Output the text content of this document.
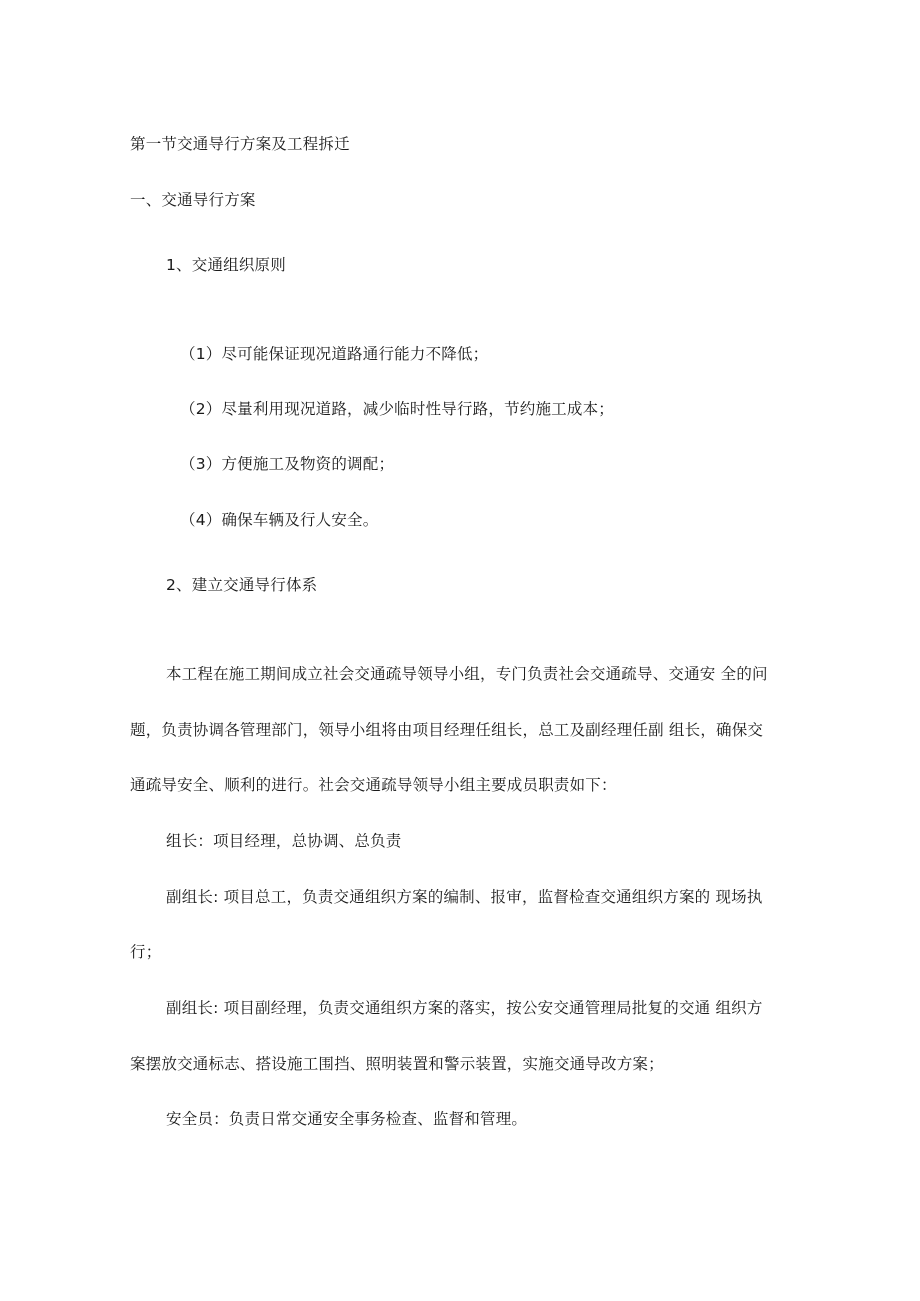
第一节交通导行方案及工程拆迁
一、交通导行方案
1、交通组织原则
（1）尽可能保证现况道路通行能力不降低；
（2）尽量利用现况道路，减少临时性导行路，节约施工成本；
（3）方便施工及物资的调配；
（4）确保车辆及行人安全。
2、建立交通导行体系
本工程在施工期间成立社会交通疏导领导小组，专门负责社会交通疏导、交通安 全的问
题，负责协调各管理部门，领导小组将由项目经理任组长，总工及副经理任副 组长，确保交
通疏导安全、顺利的进行。社会交通疏导领导小组主要成员职责如下：
组长：项目经理，总协调、总负责
副组长: 项目总工，负责交通组织方案的编制、报审，监督检查交通组织方案的 现场执
行；
副组长: 项目副经理，负责交通组织方案的落实，按公安交通管理局批复的交通 组织方
案摆放交通标志、搭设施工围挡、照明装置和警示装置，实施交通导改方案；
安全员：负责日常交通安全事务检查、监督和管理。
